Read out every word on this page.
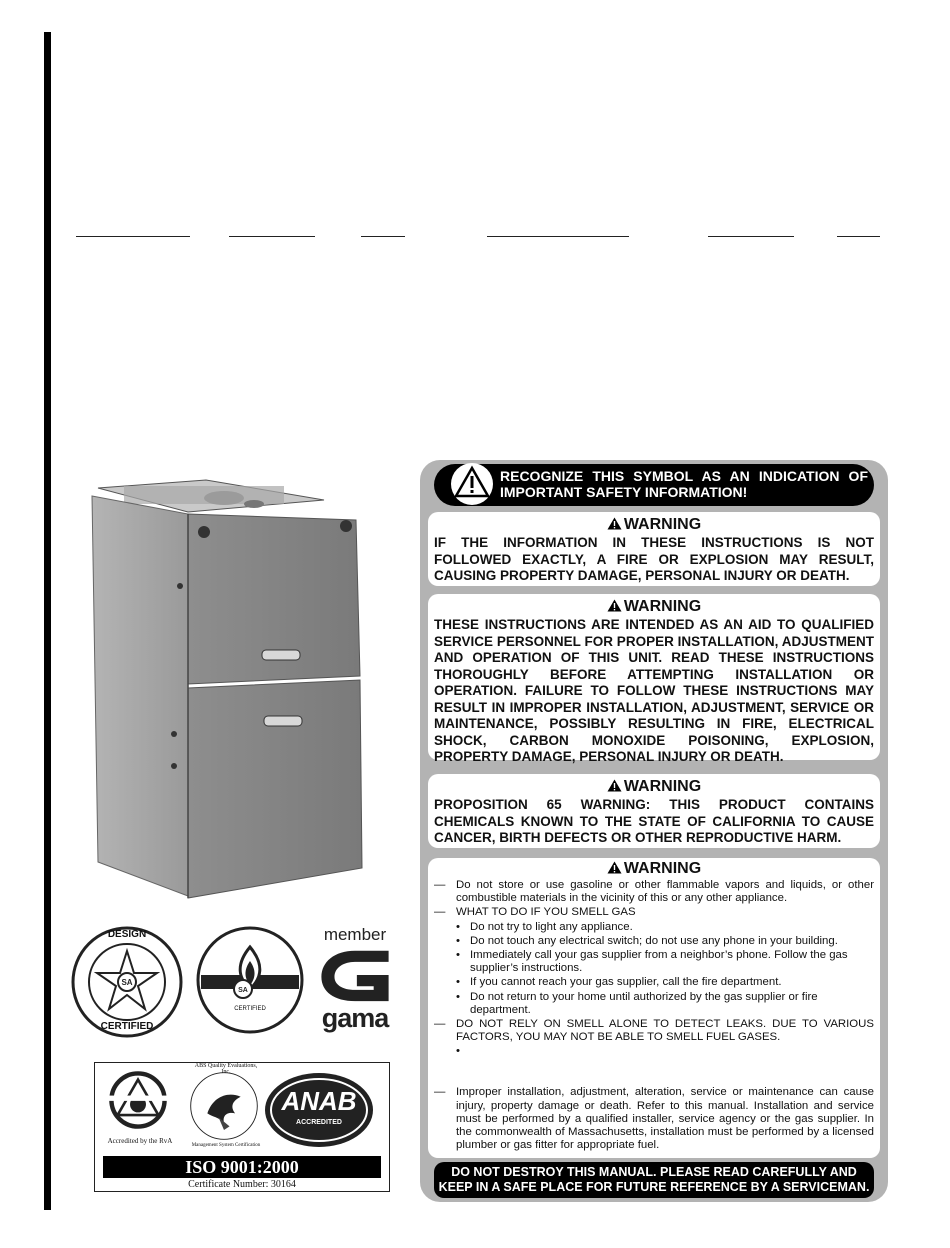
SA
DESIGN
CERTIFIED
SA
CERTIFIED
member
gama
Accredited by the RvA
ABS Quality Evaluations, Inc.
Management System Certification
ANAB
ACCREDITED
ISO 9001:2000
Certificate Number: 30164
RECOGNIZE THIS SYMBOL AS AN INDICATION OF IMPORTANT SAFETY INFORMATION!
WARNING
IF THE INFORMATION IN THESE INSTRUCTIONS IS NOT FOLLOWED EXACTLY, A FIRE OR EXPLOSION MAY RESULT, CAUSING PROPERTY DAMAGE, PERSONAL INJURY OR DEATH.
WARNING
THESE INSTRUCTIONS ARE INTENDED AS AN AID TO QUALIFIED SERVICE PERSONNEL FOR PROPER INSTALLATION, ADJUSTMENT AND OPERATION OF THIS UNIT. READ THESE INSTRUCTIONS THOROUGHLY BEFORE ATTEMPTING INSTALLATION OR OPERATION. FAILURE TO FOLLOW THESE INSTRUCTIONS MAY RESULT IN IMPROPER INSTALLATION, ADJUSTMENT, SERVICE OR MAINTENANCE, POSSIBLY RESULTING IN FIRE, ELECTRICAL SHOCK, CARBON MONOXIDE POISONING, EXPLOSION, PROPERTY DAMAGE, PERSONAL INJURY OR DEATH.
WARNING
PROPOSITION 65 WARNING: THIS PRODUCT CONTAINS CHEMICALS KNOWN TO THE STATE OF CALIFORNIA TO CAUSE CANCER, BIRTH DEFECTS OR OTHER REPRODUCTIVE HARM.
WARNING
— Do not store or use gasoline or other flammable vapors and liquids, or other combustible materials in the vicinity of this or any other appliance.
— WHAT TO DO IF YOU SMELL GAS
• Do not try to light any appliance.
• Do not touch any electrical switch; do not use any phone in your building.
• Immediately call your gas supplier from a neighbor’s phone. Follow the gas supplier’s instructions.
• If you cannot reach your gas supplier, call the fire department.
• Do not return to your home until authorized by the gas supplier or fire department.
— DO NOT RELY ON SMELL ALONE TO DETECT LEAKS. DUE TO VARIOUS FACTORS, YOU MAY NOT BE ABLE TO SMELL FUEL GASES.
•
— Improper installation, adjustment, alteration, service or maintenance can cause injury, property damage or death. Refer to this manual. Installation and service must be performed by a qualified installer, service agency or the gas supplier. In the commonwealth of Massachusetts, installation must be performed by a licensed plumber or gas fitter for appropriate fuel.
DO NOT DESTROY THIS MANUAL. PLEASE READ CAREFULLY AND KEEP IN A SAFE PLACE FOR FUTURE REFERENCE BY A SERVICEMAN.
